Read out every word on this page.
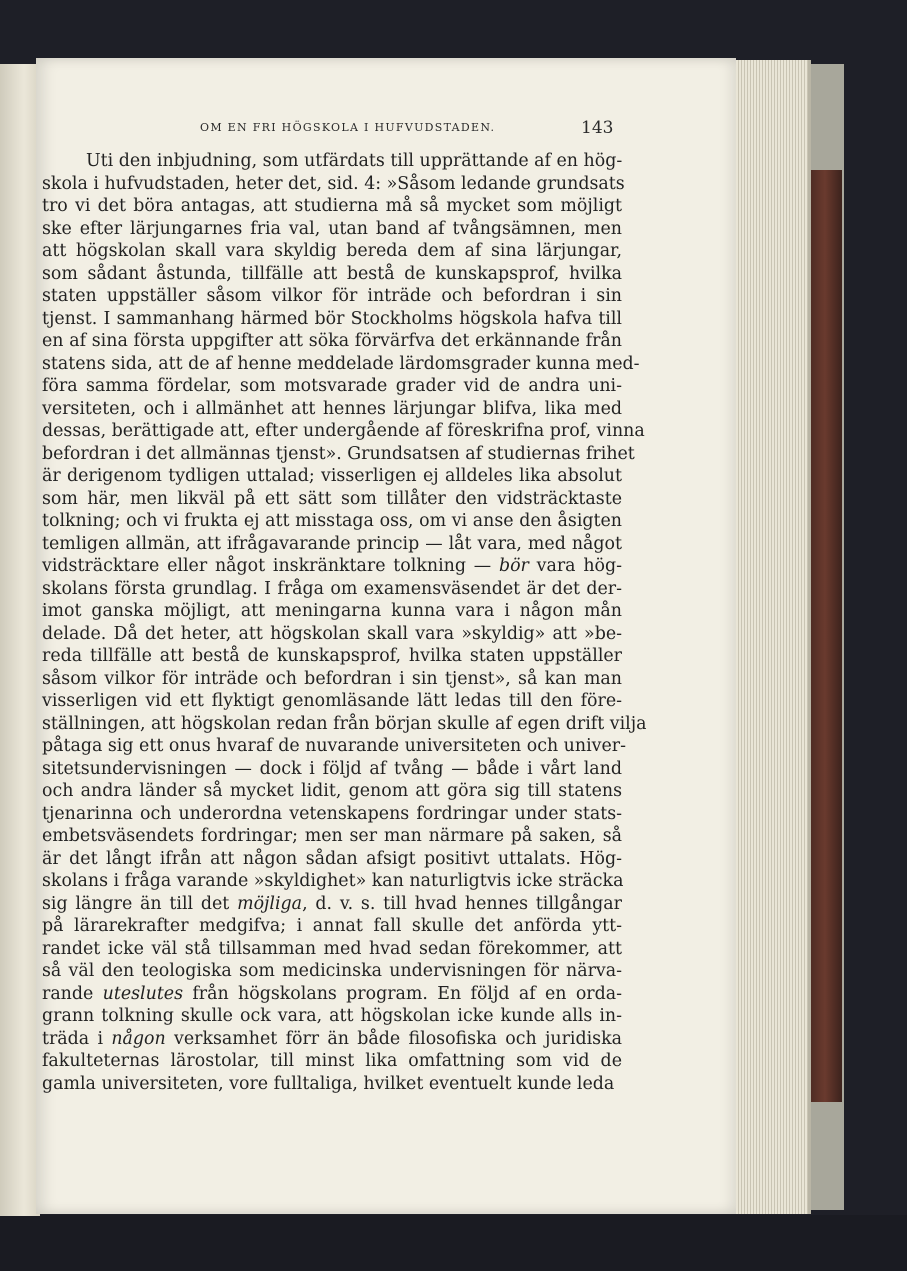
OM EN FRI HÖGSKOLA I HUFVUDSTADEN.	143
Uti den inbjudning, som utfärdats till upprättande af en hög-
skola i hufvudstaden, heter det, sid. 4: »Såsom ledande grundsats
tro vi det böra antagas, att studierna må så mycket som möjligt
ske efter lärjungarnes fria val, utan band af tvångsämnen, men
att högskolan skall vara skyldig bereda dem af sina lärjungar,
som sådant åstunda, tillfälle att bestå de kunskapsprof, hvilka
staten uppställer såsom vilkor för inträde och befordran i sin
tjenst. I sammanhang härmed bör Stockholms högskola hafva till
en af sina första uppgifter att söka förvärfva det erkännande från
statens sida, att de af henne meddelade lärdomsgrader kunna med-
föra samma fördelar, som motsvarade grader vid de andra uni-
versiteten, och i allmänhet att hennes lärjungar blifva, lika med
dessas, berättigade att, efter undergående af föreskrifna prof, vinna
befordran i det allmännas tjenst». Grundsatsen af studiernas frihet
är derigenom tydligen uttalad; visserligen ej alldeles lika absolut
som här, men likväl på ett sätt som tillåter den vidsträcktaste
tolkning; och vi frukta ej att misstaga oss, om vi anse den åsigten
temligen allmän, att ifrågavarande princip — låt vara, med något
vidsträcktare eller något inskränktare tolkning — bör vara hög-
skolans första grundlag. I fråga om examensväsendet är det der-
imot ganska möjligt, att meningarna kunna vara i någon mån
delade. Då det heter, att högskolan skall vara »skyldig» att »be-
reda tillfälle att bestå de kunskapsprof, hvilka staten uppställer
såsom vilkor för inträde och befordran i sin tjenst», så kan man
visserligen vid ett flyktigt genomläsande lätt ledas till den före-
ställningen, att högskolan redan från början skulle af egen drift vilja
påtaga sig ett onus hvaraf de nuvarande universiteten och univer-
sitetsundervisningen — dock i följd af tvång — både i vårt land
och andra länder så mycket lidit, genom att göra sig till statens
tjenarinna och underordna vetenskapens fordringar under stats-
embetsväsendets fordringar; men ser man närmare på saken, så
är det långt ifrån att någon sådan afsigt positivt uttalats. Hög-
skolans i fråga varande »skyldighet» kan naturligtvis icke sträcka
sig längre än till det möjliga, d. v. s. till hvad hennes tillgångar
på lärarekrafter medgifva; i annat fall skulle det anförda ytt-
randet icke väl stå tillsamman med hvad sedan förekommer, att
så väl den teologiska som medicinska undervisningen för närva-
rande uteslutes från högskolans program. En följd af en orda-
grann tolkning skulle ock vara, att högskolan icke kunde alls in-
träda i någon verksamhet förr än både filosofiska och juridiska
fakulteternas lärostolar, till minst lika omfattning som vid de
gamla universiteten, vore fulltaliga, hvilket eventuelt kunde leda
